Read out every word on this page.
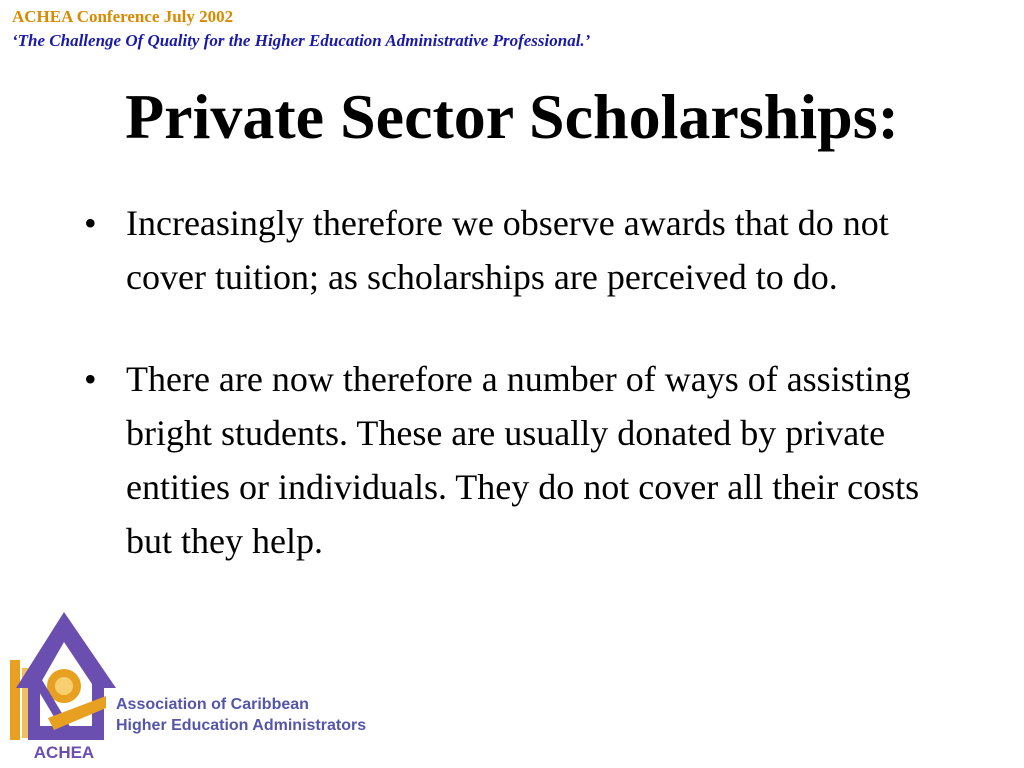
ACHEA Conference July 2002
‘The Challenge Of Quality for the Higher Education Administrative Professional.’
Private Sector Scholarships:
• Increasingly therefore we observe awards that do not cover tuition; as scholarships are perceived to do.
• There are now therefore a number of ways of assisting bright students. These are usually donated by private entities or individuals. They do not cover all their costs but they help.
ACHEA
Association of Caribbean
Higher Education Administrators
